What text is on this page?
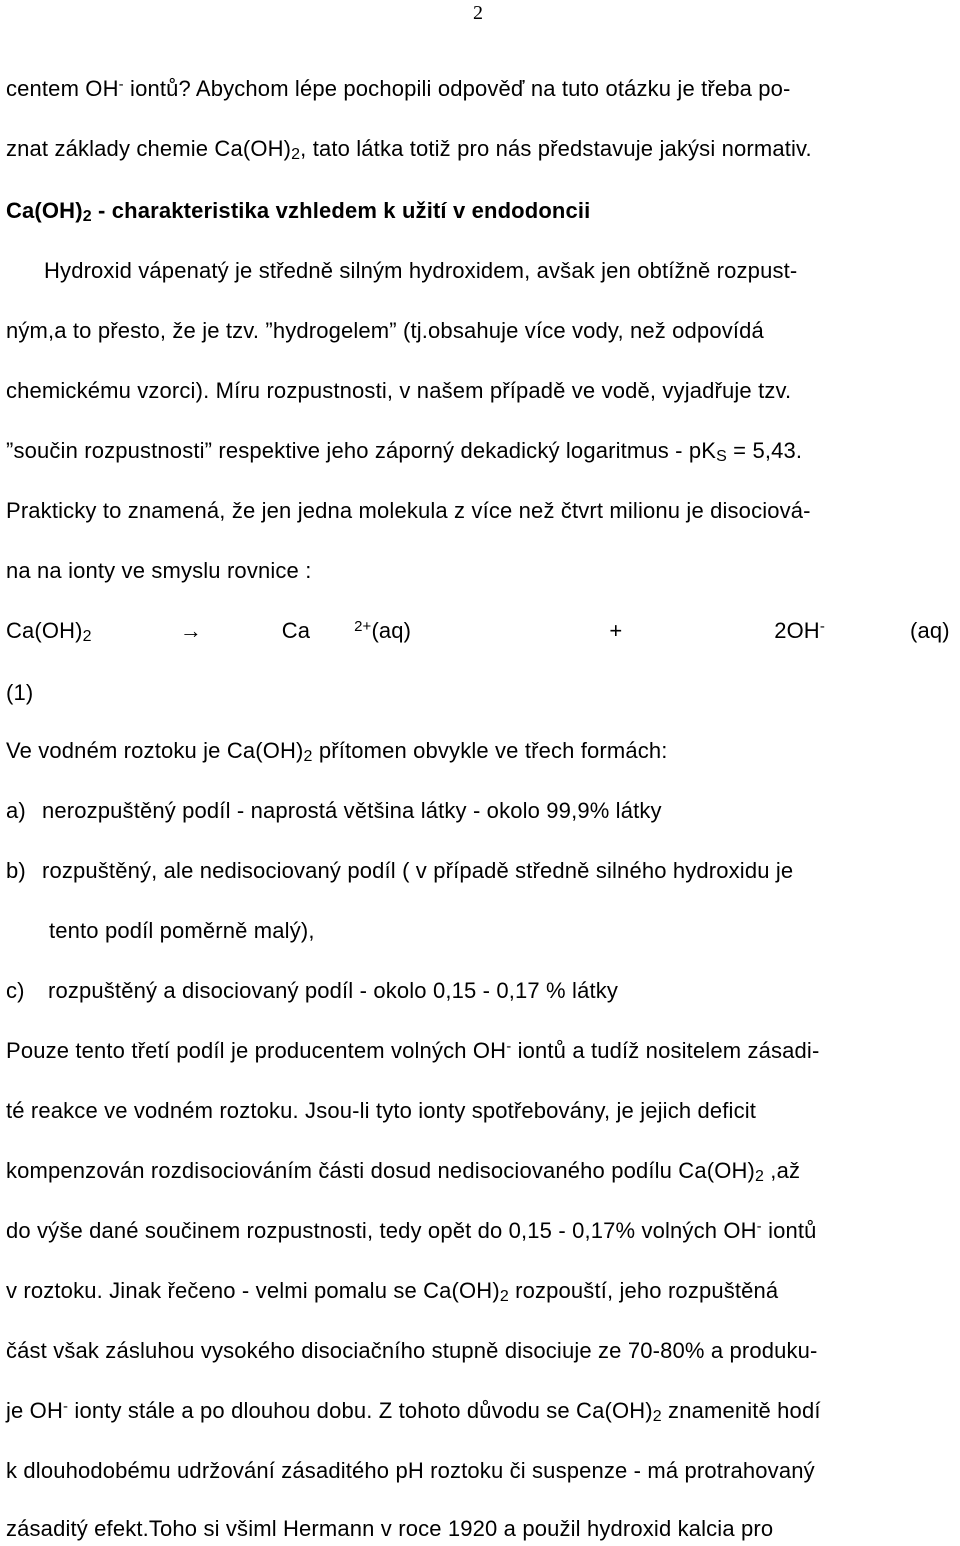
2
centem OH- iontů? Abychom lépe pochopili odpověď na tuto otázku je třeba po-
znat základy chemie $Ca(OH)_2$, tato látka totiž pro nás představuje jakýsi normativ.
$Ca(OH)_2$ - charakteristika vzhledem k užití v endodoncii
Hydroxid vápenatý je středně silným hydroxidem, avšak jen obtížně rozpust-
ným,a to přesto, že je tzv. ”hydrogelem” (tj.obsahuje více vody, než odpovídá
chemickému vzorci). Míru rozpustnosti, v našem případě ve vodě, vyjadřuje tzv.
”součin rozpustnosti” respektive jeho záporný dekadický logaritmus - $pK_S = 5,43$.
Prakticky to znamená, že jen jedna molekula z více než čtvrt milionu je disociová-
na na ionty ve smyslu rovnice :
$Ca(OH)_2$	→	Ca	$^{2+}$(aq)	+	2OH-	(aq)
(1)
Ve vodném roztoku je $Ca(OH)_2$ přítomen obvykle ve třech formách:
a) nerozpuštěný podíl - naprostá většina látky - okolo 99,9% látky
b) rozpuštěný, ale nedisociovaný podíl ( v případě středně silného hydroxidu je
tento podíl poměrně malý),
c) rozpuštěný a disociovaný podíl - okolo 0,15 - 0,17 % látky
Pouze tento třetí podíl je producentem volných OH- iontů a tudíž nositelem zásadi-
té reakce ve vodném roztoku. Jsou-li tyto ionty spotřebovány, je jejich deficit
kompenzován rozdisociováním části dosud nedisociovaného podílu $Ca(OH)_2$ ,až
do výše dané součinem rozpustnosti, tedy opět do 0,15 - 0,17% volných OH- iontů
v roztoku. Jinak řečeno - velmi pomalu se $Ca(OH)_2$ rozpouští, jeho rozpuštěná
část však zásluhou vysokého disociačního stupně disociuje ze 70-80% a produku-
je OH- ionty stále a po dlouhou dobu. Z tohoto důvodu se $Ca(OH)_2$ znamenitě hodí
k dlouhodobému udržování zásaditého pH roztoku či suspenze - má protrahovaný
zásaditý efekt.Toho si všiml Hermann v roce 1920 a použil hydroxid kalcia pro
